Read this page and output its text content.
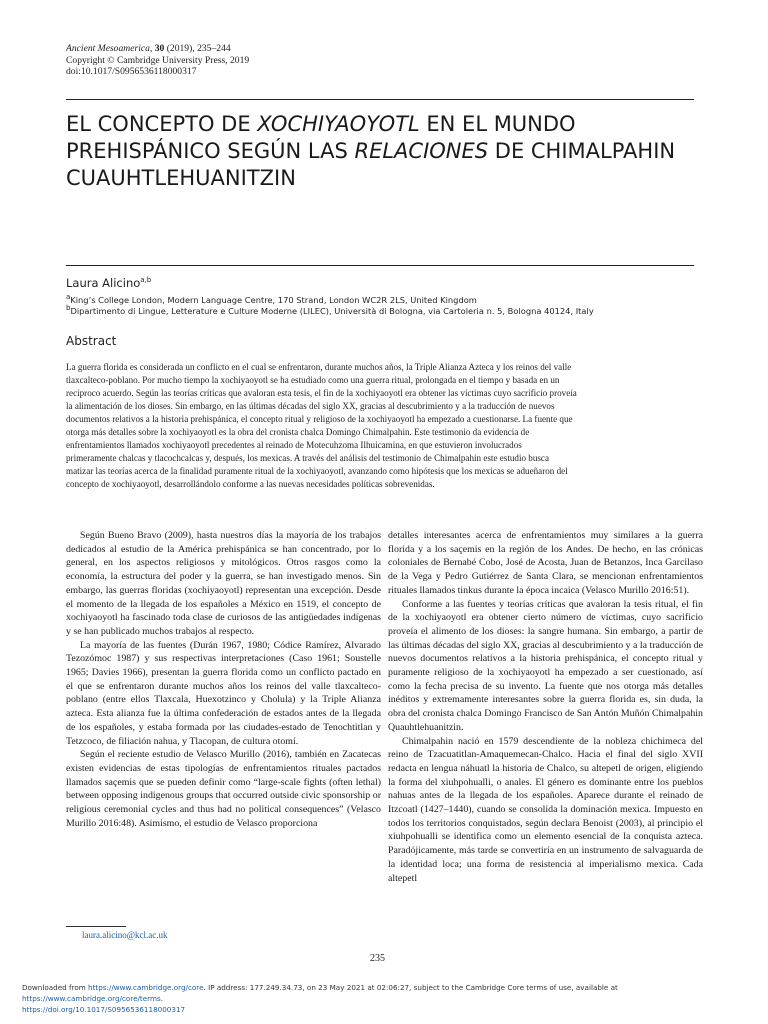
Ancient Mesoamerica, 30 (2019), 235–244
Copyright © Cambridge University Press, 2019
doi:10.1017/S0956536118000317
EL CONCEPTO DE XOCHIYAOYOTL EN EL MUNDO PREHISPÁNICO SEGÚN LAS RELACIONES DE CHIMALPAHIN CUAUHTLEHUANITZIN
Laura Alicino$^{a,b}$
$^a$King’s College London, Modern Language Centre, 170 Strand, London WC2R 2LS, United Kingdom
$^b$Dipartimento di Lingue, Letterature e Culture Moderne (LILEC), Università di Bologna, via Cartoleria n. 5, Bologna 40124, Italy
Abstract
La guerra florida es considerada un conflicto en el cual se enfrentaron, durante muchos años, la Triple Alianza Azteca y los reinos del valle
tlaxcalteco-poblano. Por mucho tiempo la xochiyaoyotl se ha estudiado como una guerra ritual, prolongada en el tiempo y basada en un
recíproco acuerdo. Según las teorías críticas que avaloran esta tesis, el fin de la xochiyaoyotl era obtener las víctimas cuyo sacrificio proveía
la alimentación de los dioses. Sin embargo, en las últimas décadas del siglo XX, gracias al descubrimiento y a la traducción de nuevos
documentos relativos a la historia prehispánica, el concepto ritual y religioso de la xochiyaoyotl ha empezado a cuestionarse. La fuente que
otorga más detalles sobre la xochiyaoyotl es la obra del cronista chalca Domingo Chimalpahin. Este testimonio da evidencia de
enfrentamientos llamados xochiyaoyotl precedentes al reinado de Motecuhzoma Ilhuicamina, en que estuvieron involucrados
primeramente chalcas y tlacochcalcas y, después, los mexicas. A través del análisis del testimonio de Chimalpahin este estudio busca
matizar las teorías acerca de la finalidad puramente ritual de la xochiyaoyotl, avanzando como hipótesis que los mexicas se adueñaron del
concepto de xochiyaoyotl, desarrollándolo conforme a las nuevas necesidades políticas sobrevenidas.

Según Bueno Bravo (2009), hasta nuestros días la mayoría de los trabajos dedicados al estudio de la América prehispánica se han concentrado, por lo general, en los aspectos religiosos y mitológicos. Otros rasgos como la economía, la estructura del poder y la guerra, se han investigado menos. Sin embargo, las guerras floridas (xochiyaoyotl) representan una excepción. Desde el momento de la llegada de los españoles a México en 1519, el concepto de xochiyaoyotl ha fascinado toda clase de curiosos de las antigüedades indígenas y se han publicado muchos trabajos al respecto.

La mayoría de las fuentes (Durán 1967, 1980; Códice Ramírez, Alvarado Tezozómoc 1987) y sus respectivas interpretaciones (Caso 1961; Soustelle 1965; Davies 1966), presentan la guerra florida como un conflicto pactado en el que se enfrentaron durante muchos años los reinos del valle tlaxcalteco-poblano (entre ellos Tlaxcala, Huexotzinco y Cholula) y la Triple Alianza azteca. Esta alianza fue la última confederación de estados antes de la llegada de los españoles, y estaba formada por las ciudades-estado de Tenochtitlan y Tetzcoco, de filiación nahua, y Tlacopan, de cultura otomí.

Según el reciente estudio de Velasco Murillo (2016), también en Zacatecas existen evidencias de estas tipologías de enfrentamientos rituales pactados llamados saçemis que se pueden definir como “large-scale fights (often lethal) between opposing indigenous groups that occurred outside civic sponsorship or religious ceremonial cycles and thus had no political consequences” (Velasco Murillo 2016:48). Asimismo, el estudio de Velasco proporciona

detalles interesantes acerca de enfrentamientos muy similares a la guerra florida y a los saçemis en la región de los Andes. De hecho, en las crónicas coloniales de Bernabé Cobo, José de Acosta, Juan de Betanzos, Inca Garcilaso de la Vega y Pedro Gutiérrez de Santa Clara, se mencionan enfrentamientos rituales llamados tinkus durante la época incaica (Velasco Murillo 2016:51).

Conforme a las fuentes y teorías críticas que avaloran la tesis ritual, el fin de la xochiyaoyotl era obtener cierto número de víctimas, cuyo sacrificio proveía el alimento de los dioses: la sangre humana. Sin embargo, a partir de las últimas décadas del siglo XX, gracias al descubrimiento y a la traducción de nuevos documentos relativos a la historia prehispánica, el concepto ritual y puramente religioso de la xochiyaoyotl ha empezado a ser cuestionado, así como la fecha precisa de su invento. La fuente que nos otorga más detalles inéditos y extremamente interesantes sobre la guerra florida es, sin duda, la obra del cronista chalca Domingo Francisco de San Antón Muñón Chimalpahin Quauhtlehuanitzin.

Chimalpahin nació en 1579 descendiente de la nobleza chichimeca del reino de Tzacuatitlan-Amaquemecan-Chalco. Hacia el final del siglo XVII redacta en lengua náhuatl la historia de Chalco, su altepetl de origen, eligiendo la forma del xiuhpohualli, o anales. El género es dominante entre los pueblos nahuas antes de la llegada de los españoles. Aparece durante el reinado de Itzcoatl (1427–1440), cuando se consolida la dominación mexica. Impuesto en todos los territorios conquistados, según declara Benoist (2003), al principio el xiuhpohualli se identifica como un elemento esencial de la conquista azteca. Paradójicamente, más tarde se convertiría en un instrumento de salvaguarda de la identidad loca; una forma de resistencia al imperialismo mexica. Cada altepetl

laura.alicino@kcl.ac.uk
235
Downloaded from https://www.cambridge.org/core. IP address: 177.249.34.73, on 23 May 2021 at 02:06:27, subject to the Cambridge Core terms of use, available at https://www.cambridge.org/core/terms.
https://doi.org/10.1017/S0956536118000317
